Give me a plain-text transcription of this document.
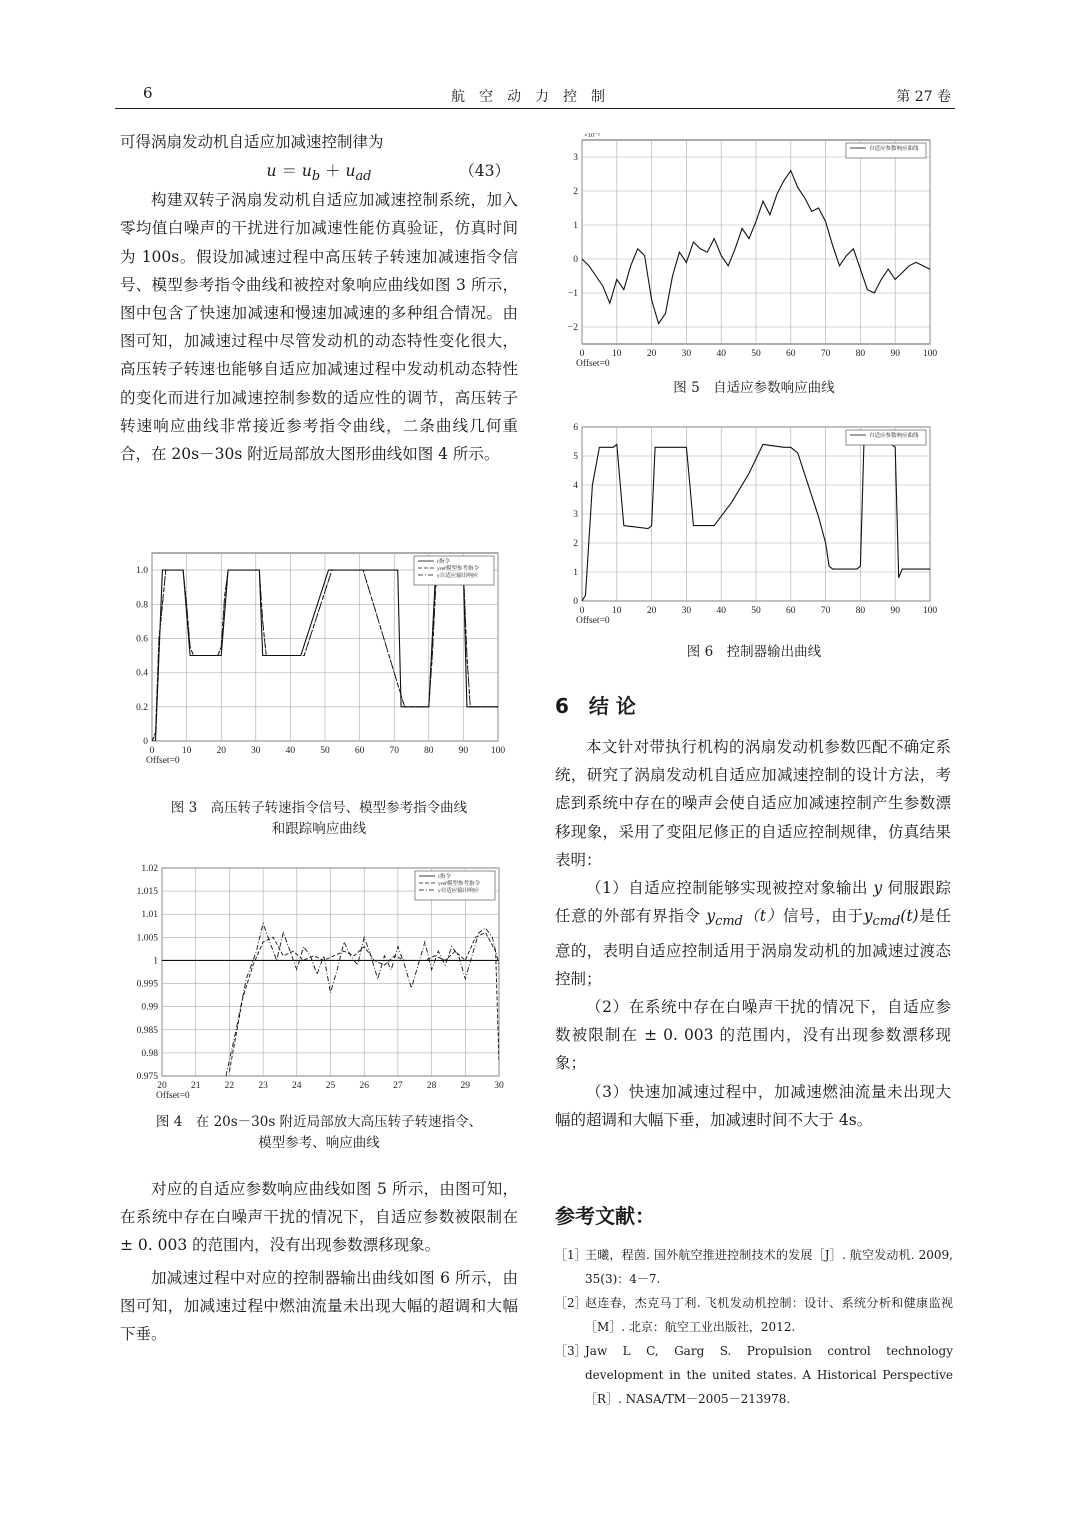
6	航空动力控制	第 27 卷

可得涡扇发动机自适应加减速控制律为

$u = u_b + u_{ad}$	（43）

构建双转子涡扇发动机自适应加减速控制系统，加入零均值白噪声的干扰进行加减速性能仿真验证，仿真时间为 100s。假设加减速过程中高压转子转速加减速指令信号、模型参考指令曲线和被控对象响应曲线如图 3 所示，图中包含了快速加减速和慢速加减速的多种组合情况。由图可知，加减速过程中尽管发动机的动态特性变化很大，高压转子转速也能够自适应加减速过程中发动机动态特性的变化而进行加减速控制参数的适应性的调节，高压转子转速响应曲线非常接近参考指令曲线，二条曲线几何重合，在 20s－30s 附近局部放大图形曲线如图 4 所示。

0	10	20	30	40	50	60	70	80	90 100
0
0.2
0.4
0.6
0.8
1.0
Offset=0
r指令
yref模型参考指令
y自适应输出响应
图 3　高压转子转速指令信号、模型参考指令曲线
和跟踪响应曲线
20	21	22	23	24	25	26	27	28	29	30
0.975
0.98
0.985
0.99
0.995
1
1.005
1.01
1.015
1.02
Offset=0
r指令
yref模型参考指令
y自适应输出响应
图 4　在 20s－30s 附近局部放大高压转子转速指令、
模型参考、响应曲线

对应的自适应参数响应曲线如图 5 所示，由图可知，在系统中存在白噪声干扰的情况下，自适应参数被限制在 ± 0. 003 的范围内，没有出现参数漂移现象。

加减速过程中对应的控制器输出曲线如图 6 所示，由图可知，加减速过程中燃油流量未出现大幅的超调和大幅下垂。

0	10	20	30	40	50	60	70	80	90 100
−2
−1
0
1
2
3
Offset=0
×10⁻³
自适应参数响应曲线
图 5　自适应参数响应曲线
0	10	20	30	40	50	60	70	80	90 100
0
1
2
3
4
5
6
Offset=0
自适应参数响应曲线
图 6　控制器输出曲线
6　结 论

本文针对带执行机构的涡扇发动机参数匹配不确定系统，研究了涡扇发动机自适应加减速控制的设计方法，考虑到系统中存在的噪声会使自适应加减速控制产生参数漂移现象，采用了变阻尼修正的自适应控制规律，仿真结果表明：

（1）自适应控制能够实现被控对象输出 y 伺服跟踪任意的外部有界指令 $y_{cmd}(t)$信号，由于$y_{cmd}(t)$是任意的，表明自适应控制适用于涡扇发动机的加减速过渡态控制；

（2）在系统中存在白噪声干扰的情况下，自适应参数被限制在 ± 0. 003 的范围内，没有出现参数漂移现象；

（3）快速加减速过程中，加减速燃油流量未出现大幅的超调和大幅下垂，加减速时间不大于 4s。

参考文献：
［1］
王曦，程茵. 国外航空推进控制技术的发展［J］. 航空发动机. 2009, 35(3)：4－7.
［2］
赵连春，杰克马丁利. 飞机发动机控制：设计、系统分析和健康监视［M］. 北京：航空工业出版社，2012.
［3］
Jaw L C, Garg S. Propulsion control technology development in the united states. A Historical Perspective［R］. NASA/TM－2005－213978.
